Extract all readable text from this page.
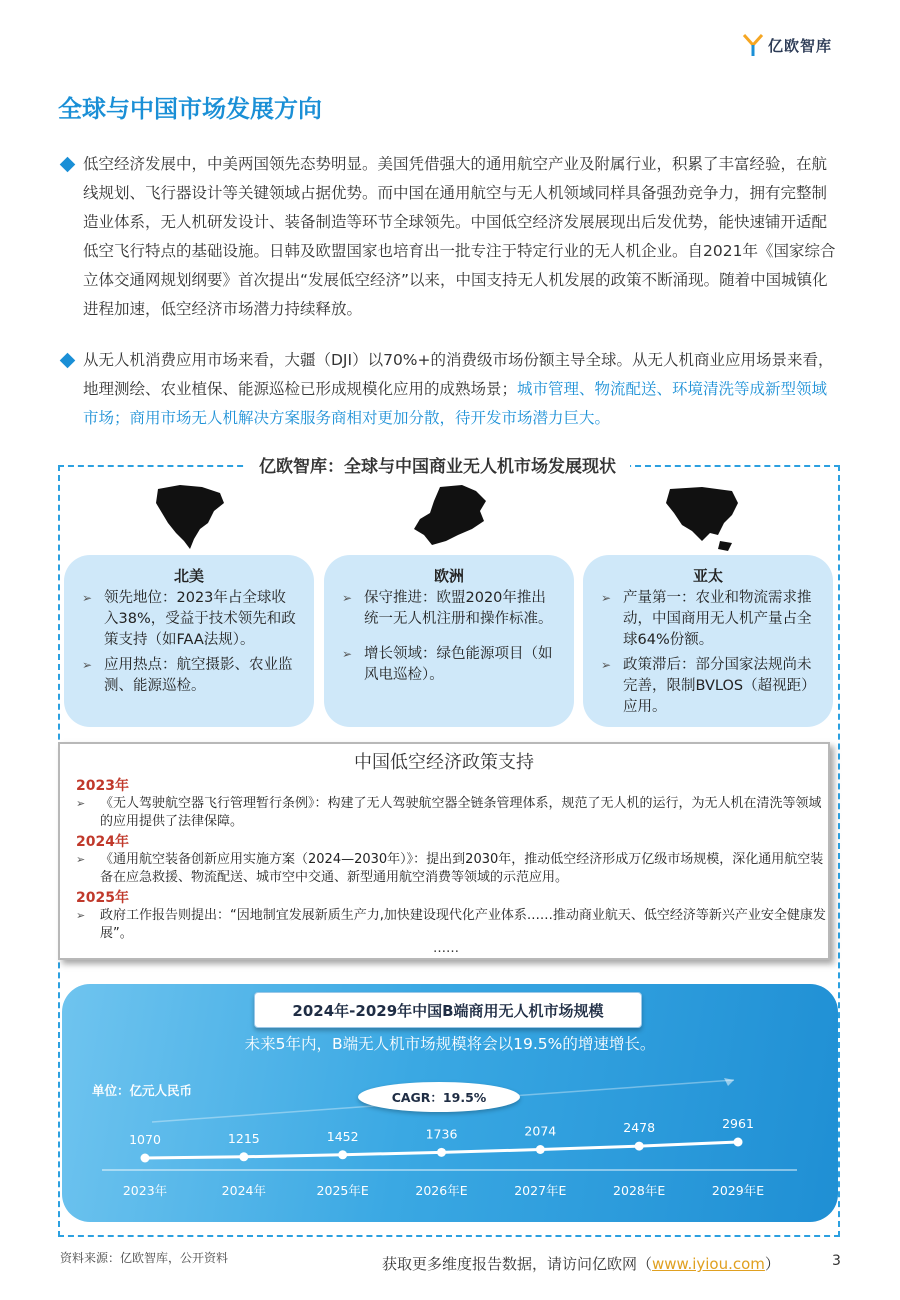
亿欧智库
全球与中国市场发展方向
低空经济发展中，中美两国领先态势明显。美国凭借强大的通用航空产业及附属行业，积累了丰富经验，在航线规划、飞行器设计等关键领域占据优势。而中国在通用航空与无人机领域同样具备强劲竞争力，拥有完整制造业体系，无人机研发设计、装备制造等环节全球领先。中国低空经济发展展现出后发优势，能快速铺开适配低空飞行特点的基础设施。日韩及欧盟国家也培育出一批专注于特定行业的无人机企业。自2021年《国家综合立体交通网规划纲要》首次提出“发展低空经济”以来，中国支持无人机发展的政策不断涌现。随着中国城镇化进程加速，低空经济市场潜力持续释放。
从无人机消费应用市场来看，大疆（DJI）以70%+的消费级市场份额主导全球。从无人机商业应用场景来看，地理测绘、农业植保、能源巡检已形成规模化应用的成熟场景；城市管理、物流配送、环境清洗等成新型领域市场；商用市场无人机解决方案服务商相对更加分散，待开发市场潜力巨大。
亿欧智库：全球与中国商业无人机市场发展现状
北美
➢ 领先地位：2023年占全球收入38%，受益于技术领先和政策支持（如FAA法规）。
➢ 应用热点：航空摄影、农业监测、能源巡检。
欧洲
➢ 保守推进：欧盟2020年推出统一无人机注册和操作标准。
➢ 增长领域：绿色能源项目（如风电巡检）。
亚太
➢ 产量第一：农业和物流需求推动，中国商用无人机产量占全球64%份额。
➢ 政策滞后：部分国家法规尚未完善，限制BVLOS（超视距）应用。
中国低空经济政策支持
2023年
➢ 《无人驾驶航空器飞行管理暂行条例》：构建了无人驾驶航空器全链条管理体系，规范了无人机的运行，为无人机在清洗等领域的应用提供了法律保障。
2024年
➢ 《通用航空装备创新应用实施方案（2024—2030年）》：提出到2030年，推动低空经济形成万亿级市场规模，深化通用航空装备在应急救援、物流配送、城市空中交通、新型通用航空消费等领域的示范应用。
2025年
➢ 政府工作报告则提出：“因地制宜发展新质生产力,加快建设现代化产业体系……推动商业航天、低空经济等新兴产业安全健康发展”。
……
1070
2023年
1215
2024年
1452
2025年E
1736
2026年E
2074
2027年E
2478
2028年E
2961
2029年E
2024年-2029年中国B端商用无人机市场规模
未来5年内，B端无人机市场规模将会以19.5%的增速增长。
单位：亿元人民币	CAGR：19.5%
资料来源：亿欧智库，公开资料	获取更多维度报告数据，请访问亿欧网（www.iyiou.com）	3
